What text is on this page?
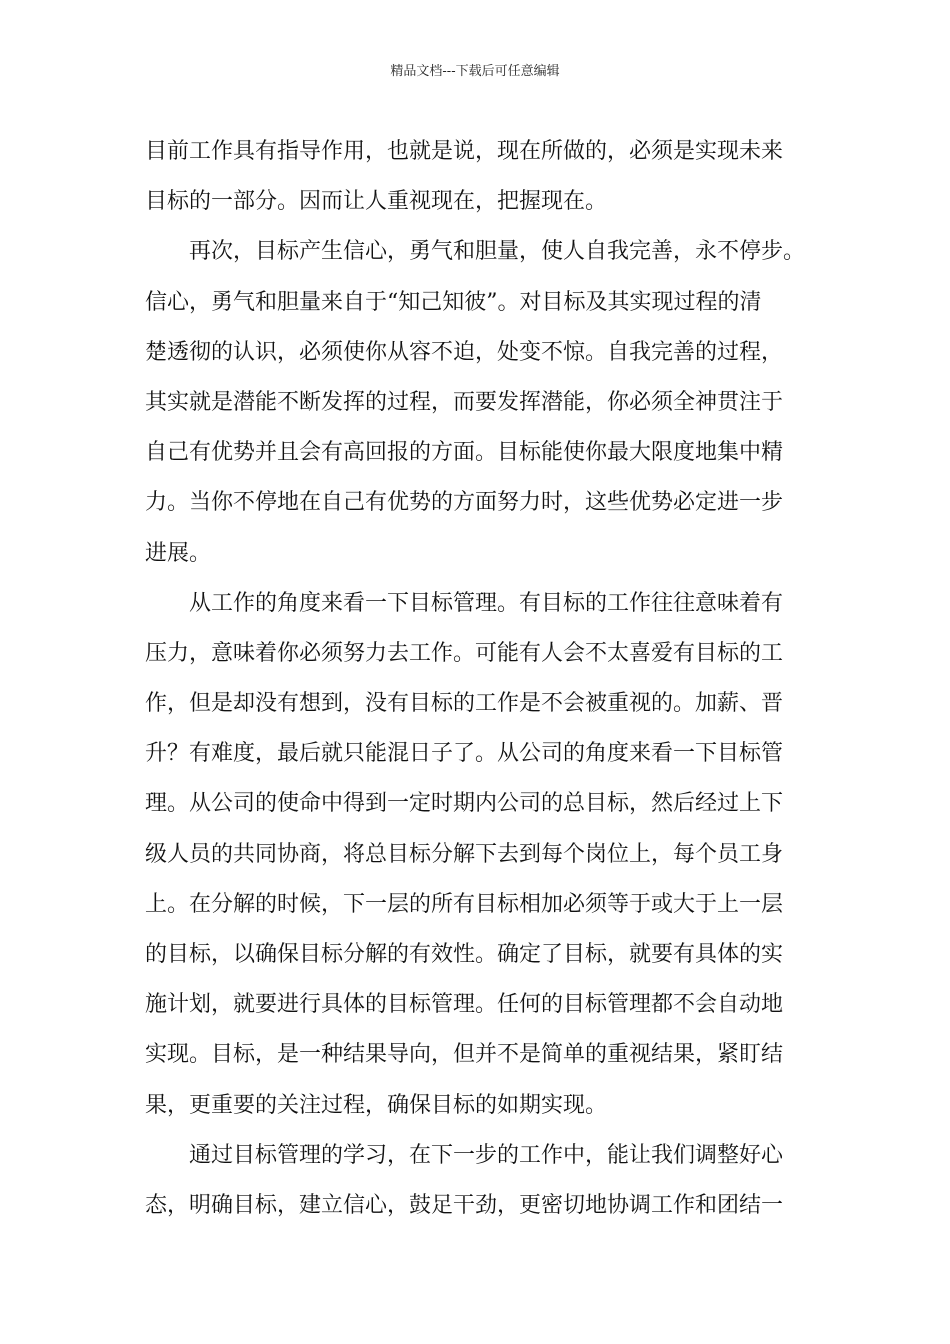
精品文档---下载后可任意编辑
目前工作具有指导作用，也就是说，现在所做的，必须是实现未来
目标的一部分。因而让人重视现在，把握现在。
　　再次，目标产生信心，勇气和胆量，使人自我完善，永不停步。
信心，勇气和胆量来自于“知己知彼”。对目标及其实现过程的清
楚透彻的认识，必须使你从容不迫，处变不惊。自我完善的过程，
其实就是潜能不断发挥的过程，而要发挥潜能，你必须全神贯注于
自己有优势并且会有高回报的方面。目标能使你最大限度地集中精
力。当你不停地在自己有优势的方面努力时，这些优势必定进一步
进展。
　　从工作的角度来看一下目标管理。有目标的工作往往意味着有
压力，意味着你必须努力去工作。可能有人会不太喜爱有目标的工
作，但是却没有想到，没有目标的工作是不会被重视的。加薪、晋
升？有难度，最后就只能混日子了。从公司的角度来看一下目标管
理。从公司的使命中得到一定时期内公司的总目标，然后经过上下
级人员的共同协商，将总目标分解下去到每个岗位上，每个员工身
上。在分解的时候，下一层的所有目标相加必须等于或大于上一层
的目标，以确保目标分解的有效性。确定了目标，就要有具体的实
施计划，就要进行具体的目标管理。任何的目标管理都不会自动地
实现。目标，是一种结果导向，但并不是简单的重视结果，紧盯结
果，更重要的关注过程，确保目标的如期实现。
　　通过目标管理的学习，在下一步的工作中，能让我们调整好心
态，明确目标，建立信心，鼓足干劲，更密切地协调工作和团结一
